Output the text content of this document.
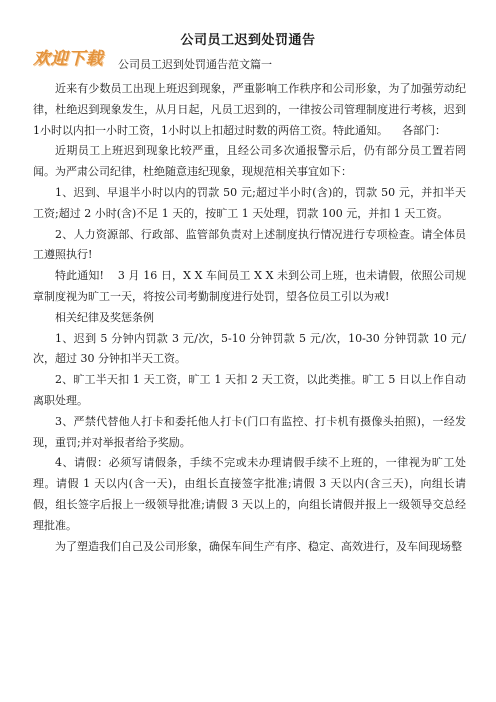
公司员工迟到处罚通告
欢迎下载 公司员工迟到处罚通告范文篇一

近来有少数员工出现上班迟到现象，严重影响工作秩序和公司形象，为了加强劳动纪律，杜绝迟到现象发生，从月日起，凡员工迟到的，一律按公司管理制度进行考核，迟到1小时以内扣一小时工资，1小时以上扣超过时数的两倍工资。特此通知。 各部门：

近期员工上班迟到现象比较严重，且经公司多次通报警示后，仍有部分员工置若罔闻。为严肃公司纪律，杜绝随意违纪现象，现规范相关事宜如下：

1、迟到、早退半小时以内的罚款 50 元;超过半小时(含)的，罚款 50 元，并扣半天工资;超过 2 小时(含)不足 1 天的，按旷工 1 天处理，罚款 100 元，并扣 1 天工资。

2、人力资源部、行政部、监管部负责对上述制度执行情况进行专项检查。请全体员工遵照执行!

特此通知! 3 月 16 日，X X 车间员工 X X 未到公司上班，也未请假，依照公司规章制度视为旷工一天，将按公司考勤制度进行处罚，望各位员工引以为戒!

相关纪律及奖惩条例

1、迟到 5 分钟内罚款 3 元/次，5-10 分钟罚款 5 元/次，10-30 分钟罚款 10 元/次，超过 30 分钟扣半天工资。

2、旷工半天扣 1 天工资，旷工 1 天扣 2 天工资，以此类推。旷工 5 日以上作自动离职处理。

3、严禁代替他人打卡和委托他人打卡(门口有监控、打卡机有摄像头拍照)，一经发现，重罚;并对举报者给予奖励。

4、请假：必须写请假条，手续不完或未办理请假手续不上班的，一律视为旷工处理。请假 1 天以内(含一天)，由组长直接签字批准;请假 3 天以内(含三天)，向组长请假，组长签字后报上一级领导批准;请假 3 天以上的，向组长请假并报上一级领导交总经理批准。

为了塑造我们自己及公司形象，确保车间生产有序、稳定、高效进行，及车间现场整
